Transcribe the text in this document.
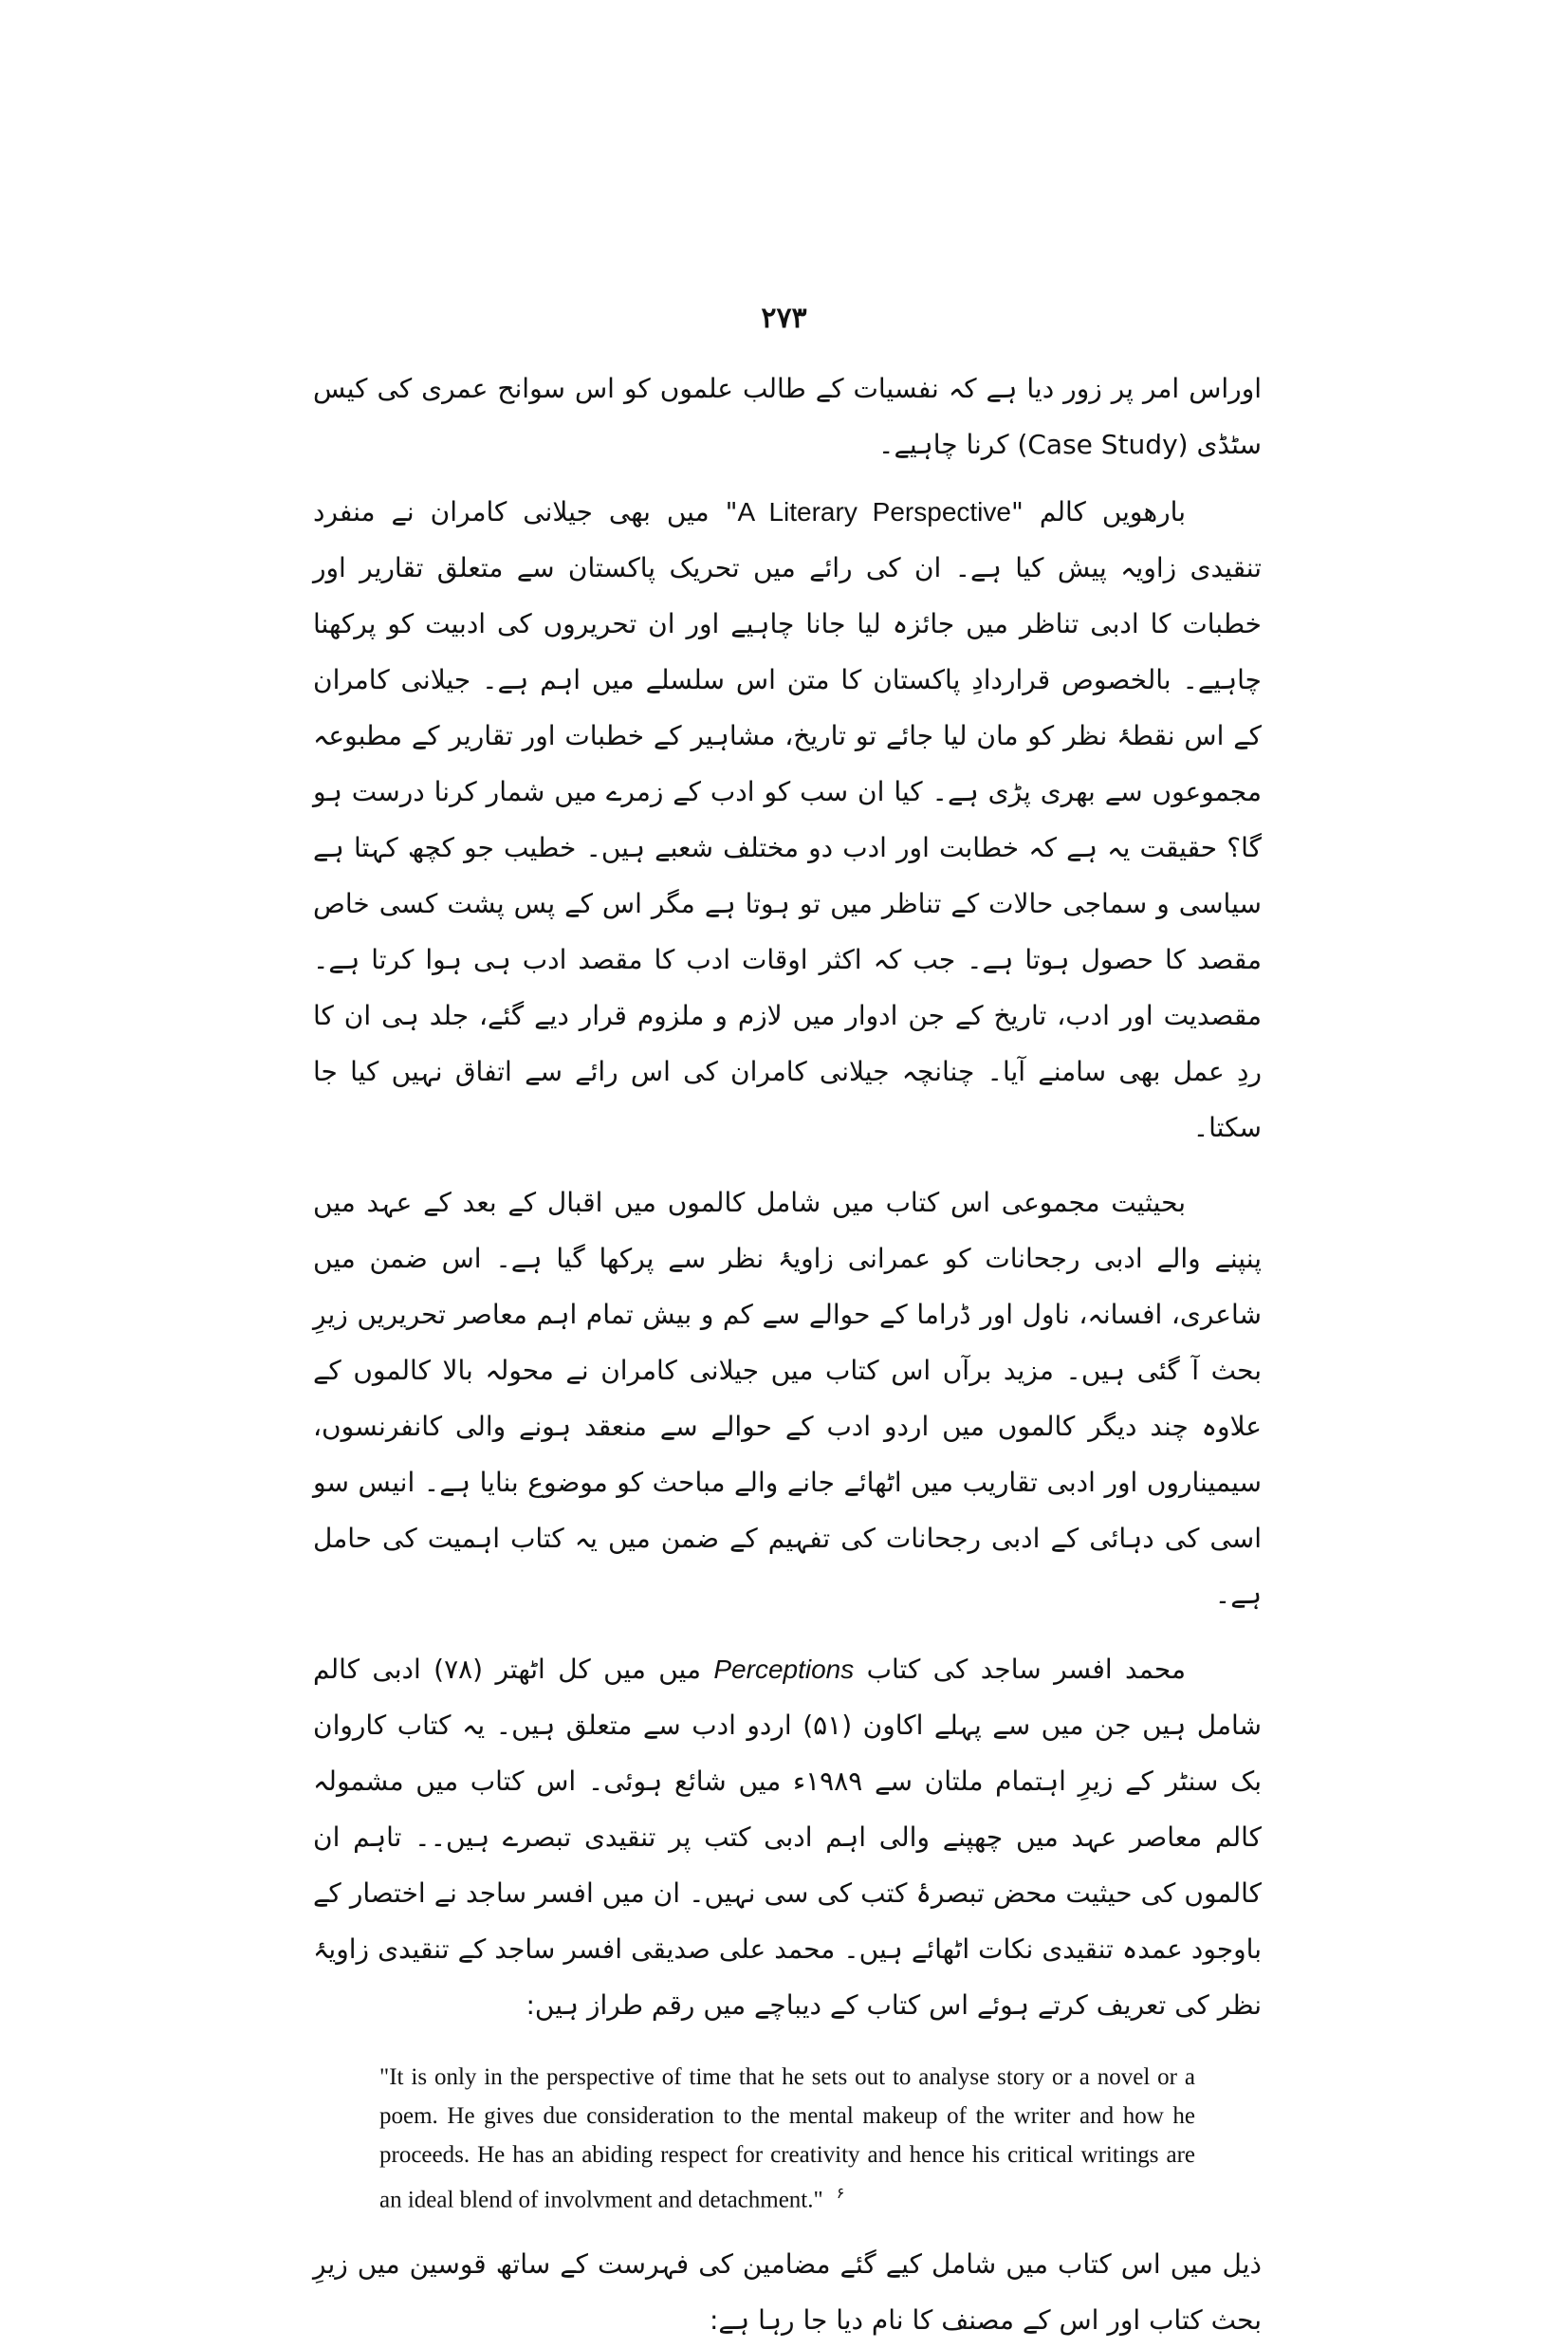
۲۷۳

اوراس امر پر زور دیا ہے کہ نفسیات کے طالب علموں کو اس سوانح عمری کی کیس سٹڈی (Case Study) کرنا چاہیے۔

بارھویں کالم "A Literary Perspective" میں بھی جیلانی کامران نے منفرد تنقیدی زاویہ پیش کیا ہے۔ ان کی رائے میں تحریک پاکستان سے متعلق تقاریر اور خطبات کا ادبی تناظر میں جائزہ لیا جانا چاہیے اور ان تحریروں کی ادبیت کو پرکھنا چاہیے۔ بالخصوص قراردادِ پاکستان کا متن اس سلسلے میں اہم ہے۔ جیلانی کامران کے اس نقطۂ نظر کو مان لیا جائے تو تاریخ، مشاہیر کے خطبات اور تقاریر کے مطبوعہ مجموعوں سے بھری پڑی ہے۔ کیا ان سب کو ادب کے زمرے میں شمار کرنا درست ہو گا؟ حقیقت یہ ہے کہ خطابت اور ادب دو مختلف شعبے ہیں۔ خطیب جو کچھ کہتا ہے سیاسی و سماجی حالات کے تناظر میں تو ہوتا ہے مگر اس کے پس پشت کسی خاص مقصد کا حصول ہوتا ہے۔ جب کہ اکثر اوقات ادب کا مقصد ادب ہی ہوا کرتا ہے۔ مقصدیت اور ادب، تاریخ کے جن ادوار میں لازم و ملزوم قرار دیے گئے، جلد ہی ان کا ردِ عمل بھی سامنے آیا۔ چنانچہ جیلانی کامران کی اس رائے سے اتفاق نہیں کیا جا سکتا۔

بحیثیت مجموعی اس کتاب میں شامل کالموں میں اقبال کے بعد کے عہد میں پنپنے والے ادبی رجحانات کو عمرانی زاویۂ نظر سے پرکھا گیا ہے۔ اس ضمن میں شاعری، افسانہ، ناول اور ڈراما کے حوالے سے کم و بیش تمام اہم معاصر تحریریں زیرِ بحث آ گئی ہیں۔ مزید برآں اس کتاب میں جیلانی کامران نے محولہ بالا کالموں کے علاوہ چند دیگر کالموں میں اردو ادب کے حوالے سے منعقد ہونے والی کانفرنسوں، سیمیناروں اور ادبی تقاریب میں اٹھائے جانے والے مباحث کو موضوع بنایا ہے۔ انیس سو اسی کی دہائی کے ادبی رجحانات کی تفہیم کے ضمن میں یہ کتاب اہمیت کی حامل ہے۔

محمد افسر ساجد کی کتاب Perceptions میں میں کل اٹھتر (۷۸) ادبی کالم شامل ہیں جن میں سے پہلے اکاون (۵۱) اردو ادب سے متعلق ہیں۔ یہ کتاب کاروان بک سنٹر کے زیرِ اہتمام ملتان سے ۱۹۸۹ء میں شائع ہوئی۔ اس کتاب میں مشمولہ کالم معاصر عہد میں چھپنے والی اہم ادبی کتب پر تنقیدی تبصرے ہیں۔۔ تاہم ان کالموں کی حیثیت محض تبصرۂ کتب کی سی نہیں۔ ان میں افسر ساجد نے اختصار کے باوجود عمدہ تنقیدی نکات اٹھائے ہیں۔ محمد علی صدیقی افسر ساجد کے تنقیدی زاویۂ نظر کی تعریف کرتے ہوئے اس کتاب کے دیباچے میں رقم طراز ہیں:

"It is only in the perspective of time that he sets out to analyse story or a novel or a poem. He gives due consideration to the mental makeup of the writer and how he proceeds. He has an abiding respect for creativity and hence his critical writings are an ideal blend of involvment and detachment." $^۶$

ذیل میں اس کتاب میں شامل کیے گئے مضامین کی فہرست کے ساتھ قوسین میں زیرِ بحث کتاب اور اس کے مصنف کا نام دیا جا رہا ہے:
